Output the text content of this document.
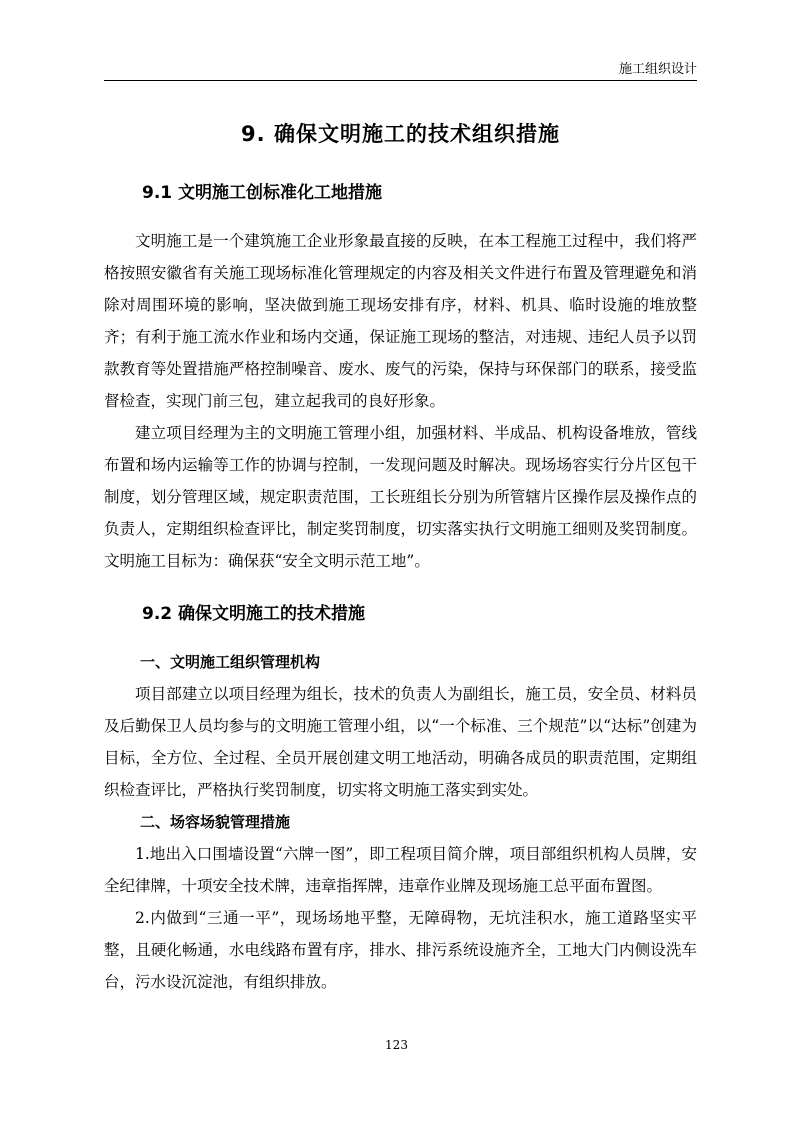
施工组织设计
9. 确保文明施工的技术组织措施
9.1 文明施工创标准化工地措施

文明施工是一个建筑施工企业形象最直接的反映，在本工程施工过程中，我们将严格按照安徽省有关施工现场标准化管理规定的内容及相关文件进行布置及管理避免和消除对周围环境的影响，坚决做到施工现场安排有序，材料、机具、临时设施的堆放整齐；有利于施工流水作业和场内交通，保证施工现场的整洁，对违规、违纪人员予以罚款教育等处置措施严格控制噪音、废水、废气的污染，保持与环保部门的联系，接受监督检查，实现门前三包，建立起我司的良好形象。

建立项目经理为主的文明施工管理小组，加强材料、半成品、机构设备堆放，管线布置和场内运输等工作的协调与控制，一发现问题及时解决。现场场容实行分片区包干制度，划分管理区域，规定职责范围，工长班组长分别为所管辖片区操作层及操作点的负责人，定期组织检查评比，制定奖罚制度，切实落实执行文明施工细则及奖罚制度。文明施工目标为：确保获“安全文明示范工地”。

9.2 确保文明施工的技术措施
一、文明施工组织管理机构

项目部建立以项目经理为组长，技术的负责人为副组长，施工员，安全员、材料员及后勤保卫人员均参与的文明施工管理小组，以“一个标准、三个规范”以“达标”创建为目标，全方位、全过程、全员开展创建文明工地活动，明确各成员的职责范围，定期组织检查评比，严格执行奖罚制度，切实将文明施工落实到实处。

二、场容场貌管理措施

1.地出入口围墙设置“六牌一图”，即工程项目简介牌，项目部组织机构人员牌，安全纪律牌，十项安全技术牌，违章指挥牌，违章作业牌及现场施工总平面布置图。

2.内做到“三通一平”，现场场地平整，无障碍物，无坑洼积水，施工道路坚实平整，且硬化畅通，水电线路布置有序，排水、排污系统设施齐全，工地大门内侧设洗车台，污水设沉淀池，有组织排放。

123
